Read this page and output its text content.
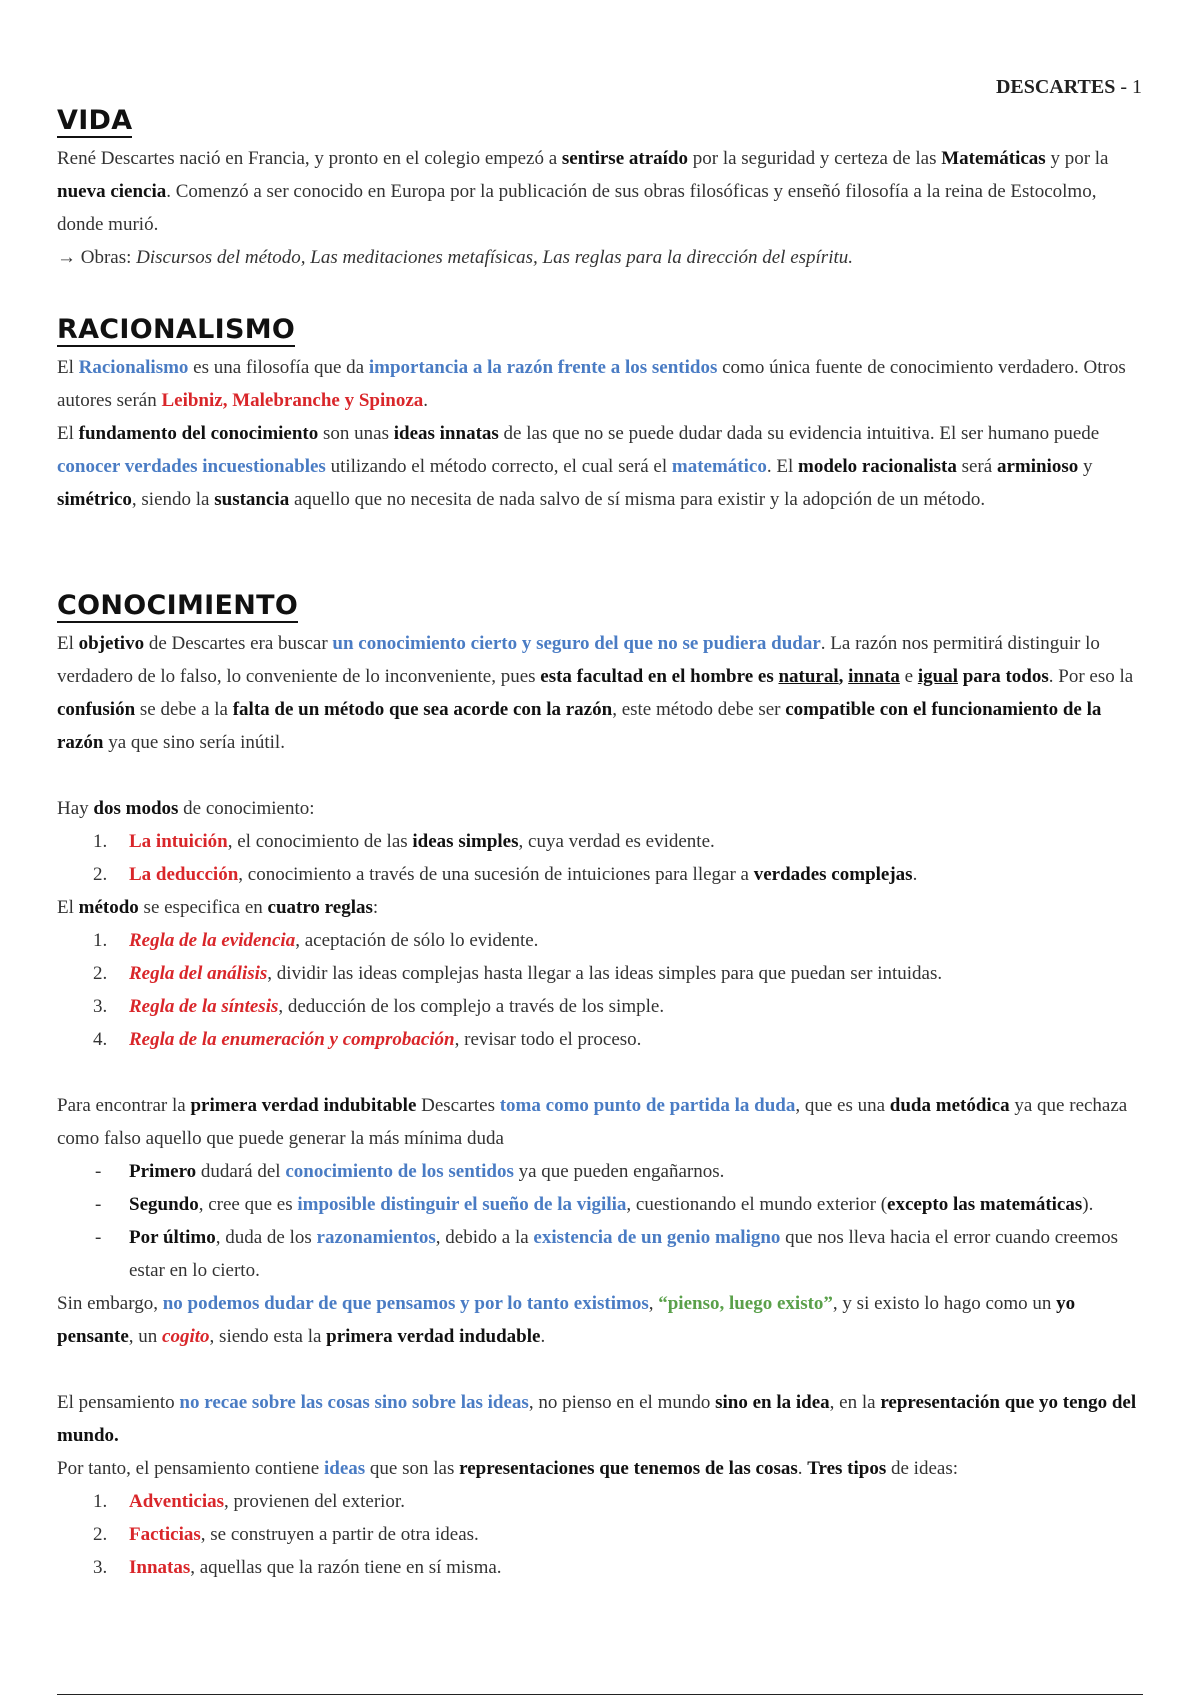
DESCARTES - 1
VIDA

René Descartes nació en Francia, y pronto en el colegio empezó a sentirse atraído por la seguridad y certeza de las Matemáticas y por la nueva ciencia. Comenzó a ser conocido en Europa por la publicación de sus obras filosóficas y enseñó filosofía a la reina de Estocolmo, donde murió.

→ Obras: Discursos del método, Las meditaciones metafísicas, Las reglas para la dirección del espíritu.

RACIONALISMO

El Racionalismo es una filosofía que da importancia a la razón frente a los sentidos como única fuente de conocimiento verdadero. Otros autores serán Leibniz, Malebranche y Spinoza.

El fundamento del conocimiento son unas ideas innatas de las que no se puede dudar dada su evidencia intuitiva. El ser humano puede conocer verdades incuestionables utilizando el método correcto, el cual será el matemático. El modelo racionalista será arminioso y simétrico, siendo la sustancia aquello que no necesita de nada salvo de sí misma para existir y la adopción de un método.

CONOCIMIENTO

El objetivo de Descartes era buscar un conocimiento cierto y seguro del que no se pudiera dudar. La razón nos permitirá distinguir lo verdadero de lo falso, lo conveniente de lo inconveniente, pues esta facultad en el hombre es natural, innata e igual para todos. Por eso la confusión se debe a la falta de un método que sea acorde con la razón, este método debe ser compatible con el funcionamiento de la razón ya que sino sería inútil.

Hay dos modos de conocimiento:

1. La intuición, el conocimiento de las ideas simples, cuya verdad es evidente.
2. La deducción, conocimiento a través de una sucesión de intuiciones para llegar a verdades complejas.

El método se especifica en cuatro reglas:

1. Regla de la evidencia, aceptación de sólo lo evidente.
2. Regla del análisis, dividir las ideas complejas hasta llegar a las ideas simples para que puedan ser intuidas.
3. Regla de la síntesis, deducción de los complejo a través de los simple.
4. Regla de la enumeración y comprobación, revisar todo el proceso.

Para encontrar la primera verdad indubitable Descartes toma como punto de partida la duda, que es una duda metódica ya que rechaza como falso aquello que puede generar la más mínima duda

- Primero dudará del conocimiento de los sentidos ya que pueden engañarnos.
- Segundo, cree que es imposible distinguir el sueño de la vigilia, cuestionando el mundo exterior (excepto las matemáticas).
- Por último, duda de los razonamientos, debido a la existencia de un genio maligno que nos lleva hacia el error cuando creemos estar en lo cierto.

Sin embargo, no podemos dudar de que pensamos y por lo tanto existimos, “pienso, luego existo”, y si existo lo hago como un yo pensante, un cogito, siendo esta la primera verdad indudable.

El pensamiento no recae sobre las cosas sino sobre las ideas, no pienso en el mundo sino en la idea, en la representación que yo tengo del mundo.

Por tanto, el pensamiento contiene ideas que son las representaciones que tenemos de las cosas. Tres tipos de ideas:

1. Adventicias, provienen del exterior.
2. Facticias, se construyen a partir de otra ideas.
3. Innatas, aquellas que la razón tiene en sí misma.
